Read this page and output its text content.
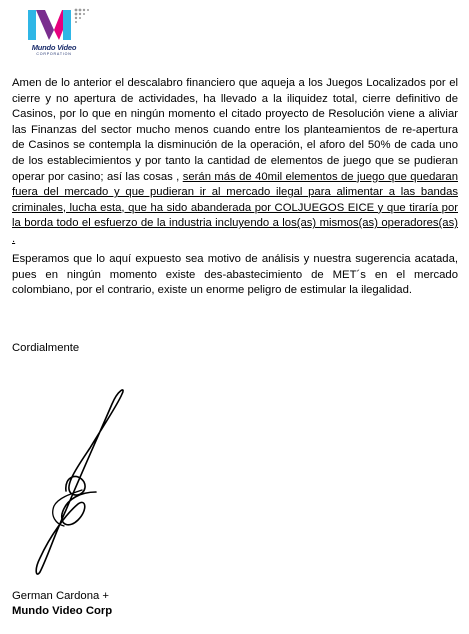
Mundo Video
CORPORATION

Amen de lo anterior el descalabro financiero que aqueja a los Juegos Localizados por el cierre y no apertura de actividades, ha llevado a la iliquidez total, cierre definitivo de Casinos, por lo que en ningún momento el citado proyecto de Resolución viene a aliviar las Finanzas del sector mucho menos cuando entre los planteamientos de re-apertura de Casinos se contempla la disminución de la operación, el aforo del 50% de cada uno de los establecimientos y por tanto la cantidad de elementos de juego que se pudieran operar por casino; así las cosas , serán más de 40mil elementos de juego que quedaran fuera del mercado y que pudieran ir al mercado ilegal para alimentar a las bandas criminales, lucha esta, que ha sido abanderada por COLJUEGOS EICE y que tiraría por la borda todo el esfuerzo de la industria incluyendo a los(as) mismos(as) operadores(as) .

Esperamos que lo aquí expuesto sea motivo de análisis y nuestra sugerencia acatada, pues en ningún momento existe des-abastecimiento de MET´s en el mercado colombiano, por el contrario, existe un enorme peligro de estimular la ilegalidad.

Cordialmente

German Cardona +

Mundo Video Corp
